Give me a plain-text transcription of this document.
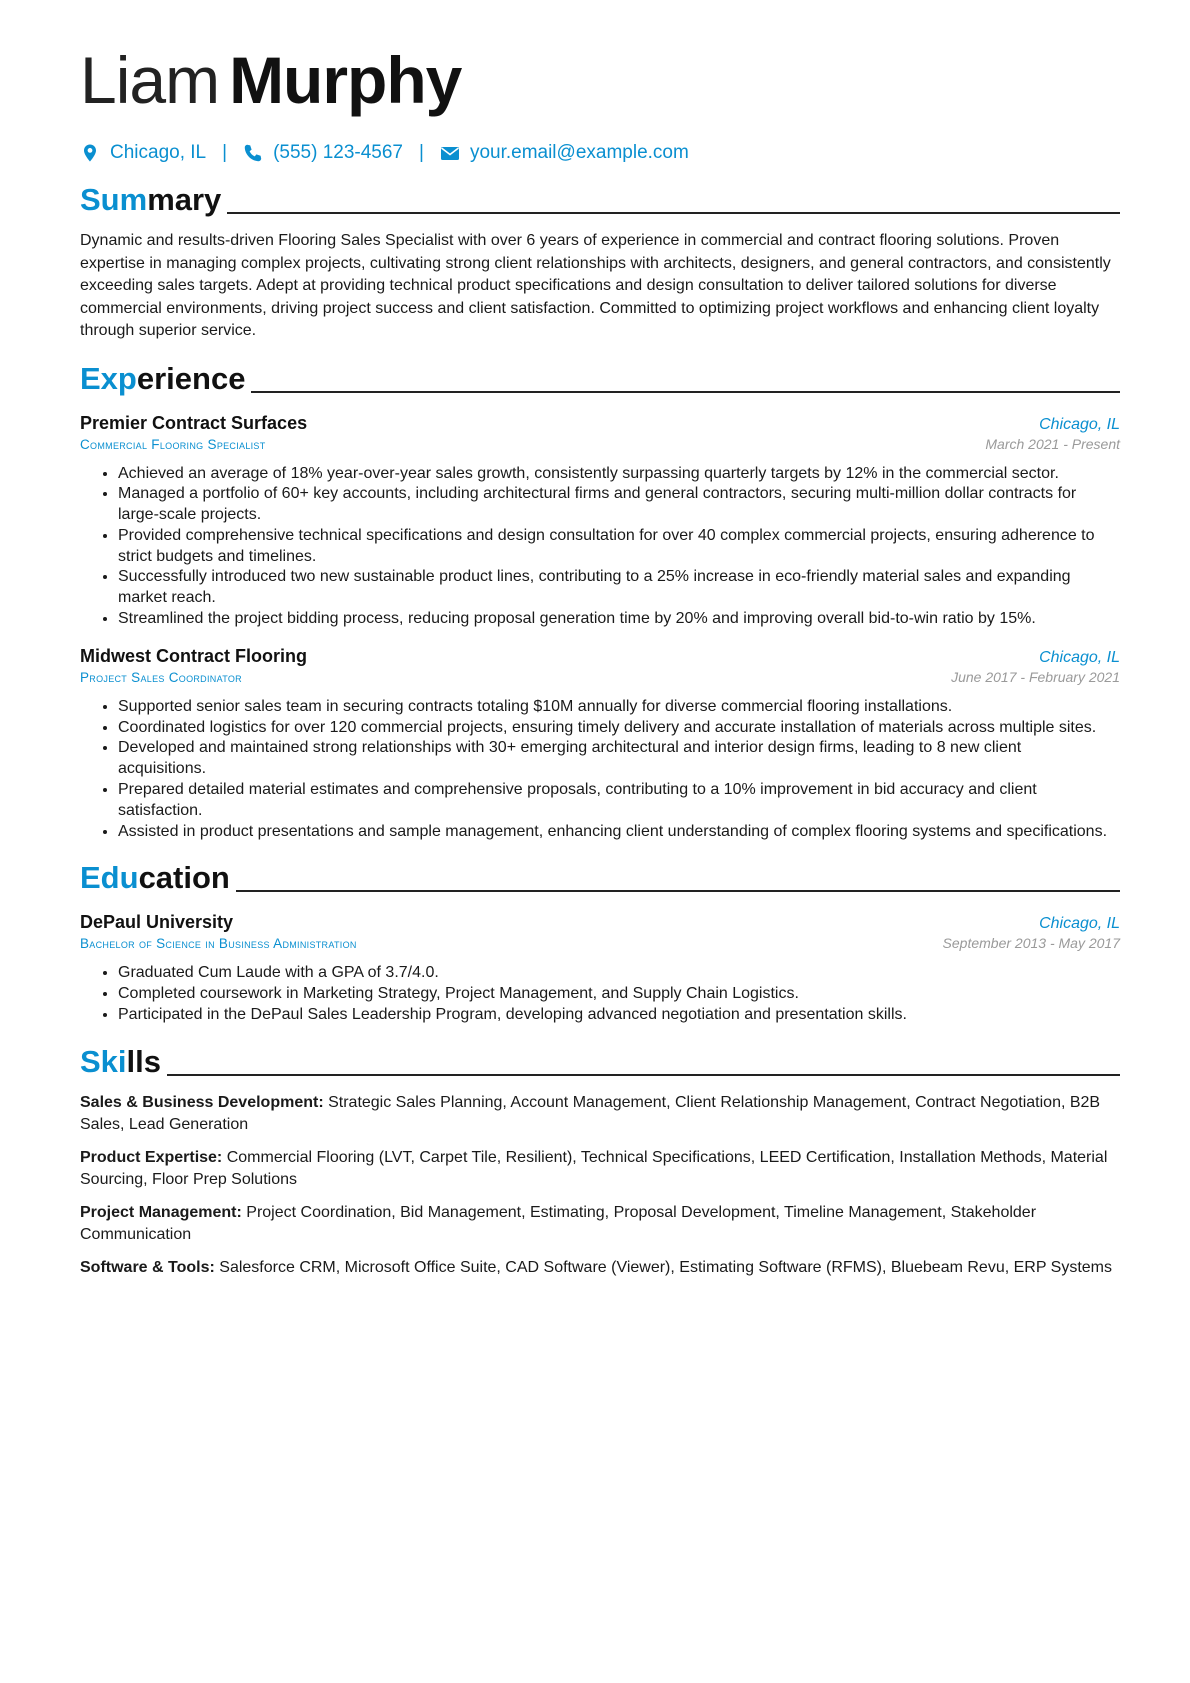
Liam Murphy
Chicago, IL | (555) 123-4567 | your.email@example.com
Summary
Dynamic and results-driven Flooring Sales Specialist with over 6 years of experience in commercial and contract flooring solutions. Proven expertise in managing complex projects, cultivating strong client relationships with architects, designers, and general contractors, and consistently exceeding sales targets. Adept at providing technical product specifications and design consultation to deliver tailored solutions for diverse commercial environments, driving project success and client satisfaction. Committed to optimizing project workflows and enhancing client loyalty through superior service.
Experience
Premier Contract Surfaces	Chicago, IL
Commercial Flooring Specialist	March 2021 - Present
• Achieved an average of 18% year-over-year sales growth, consistently surpassing quarterly targets by 12% in the commercial sector.
• Managed a portfolio of 60+ key accounts, including architectural firms and general contractors, securing multi-million dollar contracts for large-scale projects.
• Provided comprehensive technical specifications and design consultation for over 40 complex commercial projects, ensuring adherence to strict budgets and timelines.
• Successfully introduced two new sustainable product lines, contributing to a 25% increase in eco-friendly material sales and expanding market reach.
• Streamlined the project bidding process, reducing proposal generation time by 20% and improving overall bid-to-win ratio by 15%.
Midwest Contract Flooring	Chicago, IL
Project Sales Coordinator	June 2017 - February 2021
• Supported senior sales team in securing contracts totaling $10M annually for diverse commercial flooring installations.
• Coordinated logistics for over 120 commercial projects, ensuring timely delivery and accurate installation of materials across multiple sites.
• Developed and maintained strong relationships with 30+ emerging architectural and interior design firms, leading to 8 new client acquisitions.
• Prepared detailed material estimates and comprehensive proposals, contributing to a 10% improvement in bid accuracy and client satisfaction.
• Assisted in product presentations and sample management, enhancing client understanding of complex flooring systems and specifications.
Education
DePaul University	Chicago, IL
Bachelor of Science in Business Administration	September 2013 - May 2017
• Graduated Cum Laude with a GPA of 3.7/4.0.
• Completed coursework in Marketing Strategy, Project Management, and Supply Chain Logistics.
• Participated in the DePaul Sales Leadership Program, developing advanced negotiation and presentation skills.
Skills
Sales & Business Development: Strategic Sales Planning, Account Management, Client Relationship Management, Contract Negotiation, B2B Sales, Lead Generation
Product Expertise: Commercial Flooring (LVT, Carpet Tile, Resilient), Technical Specifications, LEED Certification, Installation Methods, Material Sourcing, Floor Prep Solutions
Project Management: Project Coordination, Bid Management, Estimating, Proposal Development, Timeline Management, Stakeholder Communication
Software & Tools: Salesforce CRM, Microsoft Office Suite, CAD Software (Viewer), Estimating Software (RFMS), Bluebeam Revu, ERP Systems
